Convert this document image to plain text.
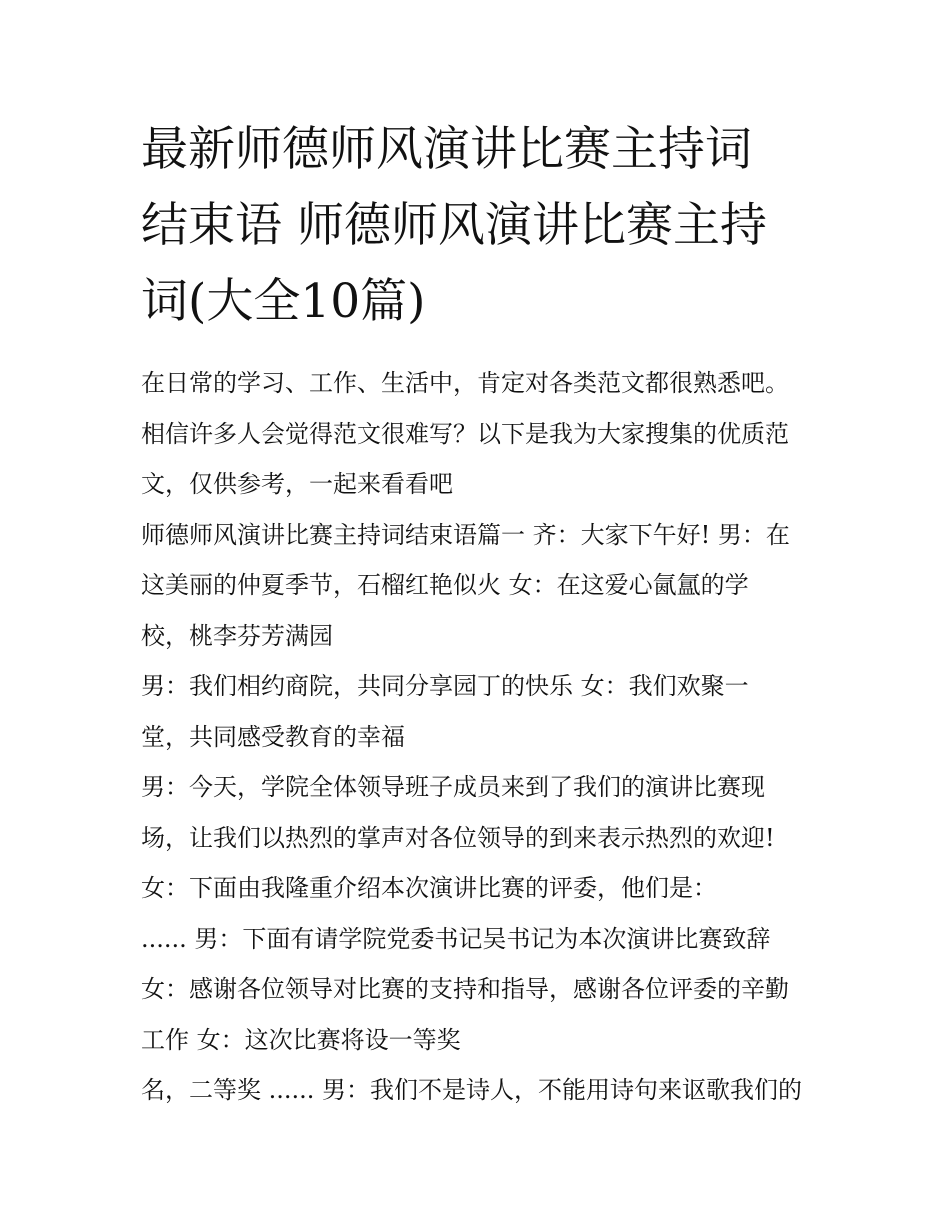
最新师德师风演讲比赛主持词
结束语 师德师风演讲比赛主持
词(大全10篇)
在日常的学习、工作、生活中，肯定对各类范文都很熟悉吧。
相信许多人会觉得范文很难写？以下是我为大家搜集的优质范
文，仅供参考，一起来看看吧
师德师风演讲比赛主持词结束语篇一 齐：大家下午好! 男：在
这美丽的仲夏季节，石榴红艳似火 女：在这爱心氤氲的学
校，桃李芬芳满园
男：我们相约商院，共同分享园丁的快乐 女：我们欢聚一
堂，共同感受教育的幸福
男：今天，学院全体领导班子成员来到了我们的演讲比赛现
场，让我们以热烈的掌声对各位领导的到来表示热烈的欢迎!
女：下面由我隆重介绍本次演讲比赛的评委，他们是：
...... 男：下面有请学院党委书记吴书记为本次演讲比赛致辞
女：感谢各位领导对比赛的支持和指导，感谢各位评委的辛勤
工作 女：这次比赛将设一等奖
名，二等奖 ...... 男：我们不是诗人，不能用诗句来讴歌我们的
